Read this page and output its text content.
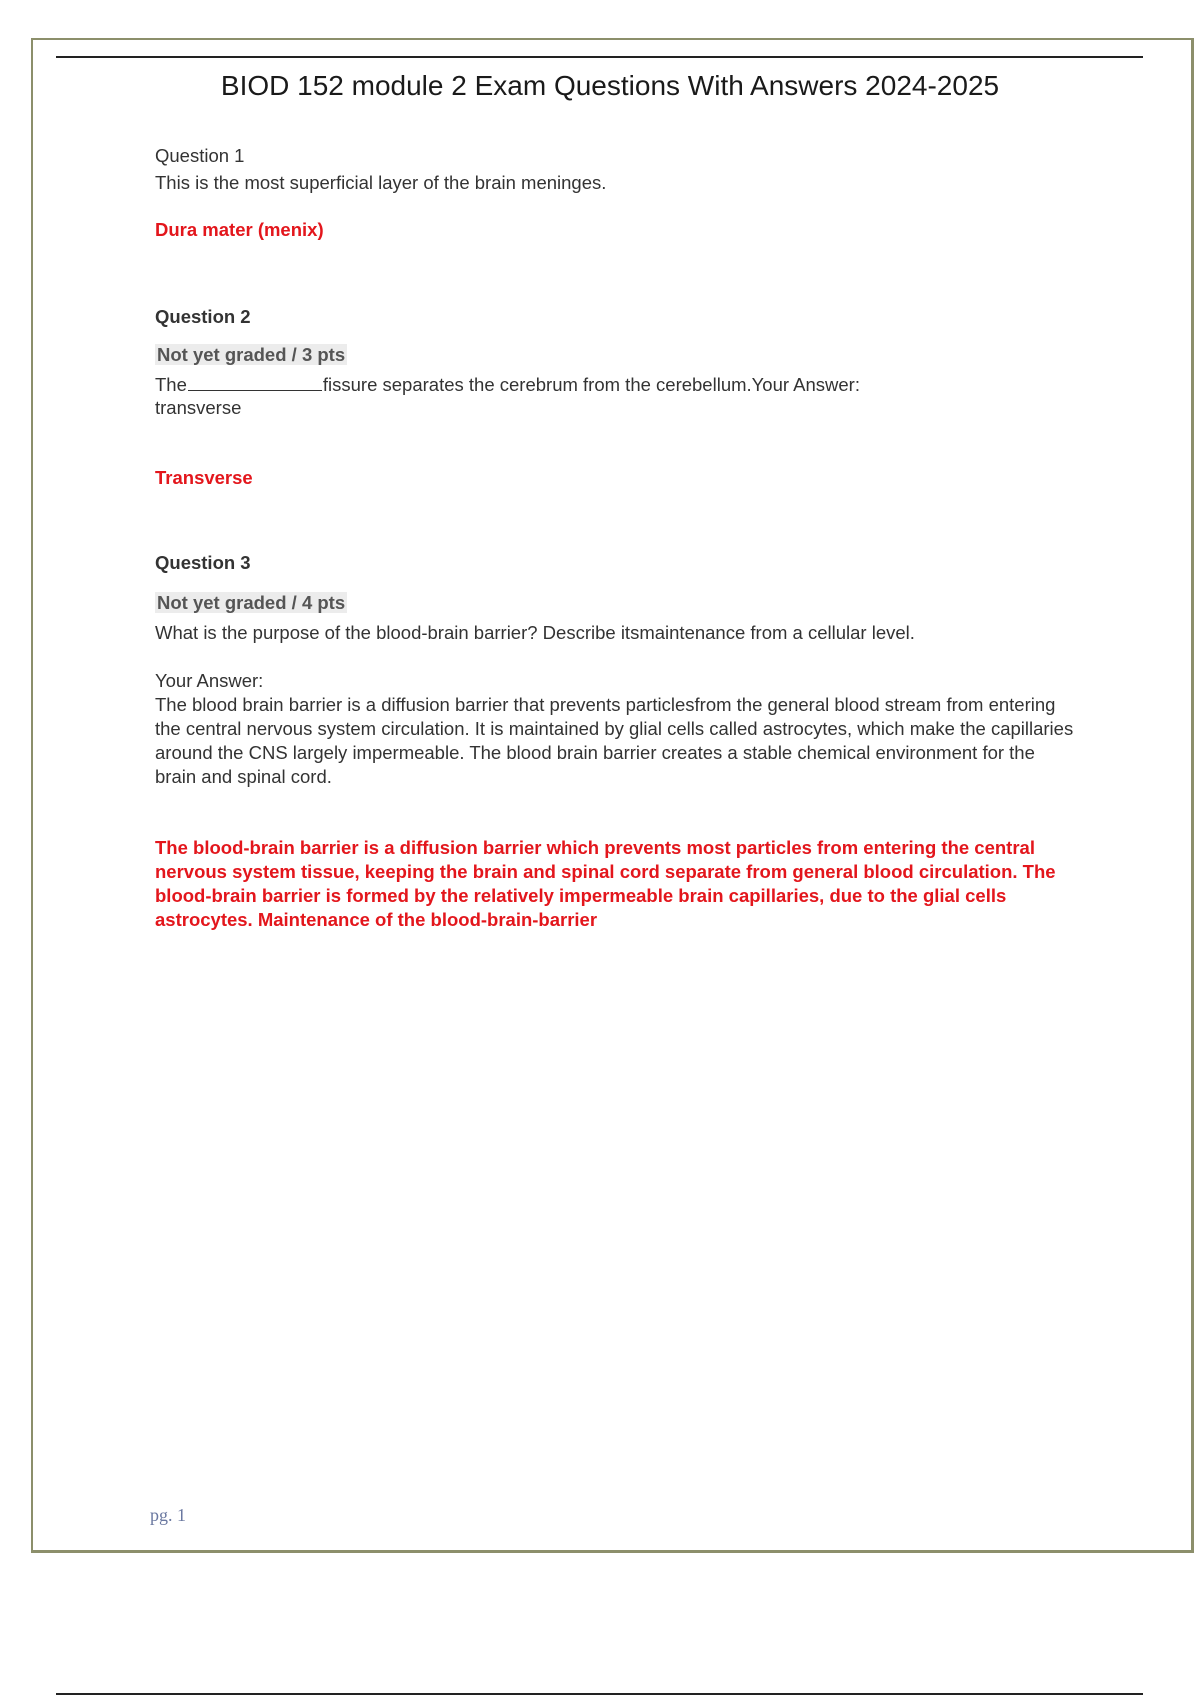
BIOD 152 module 2 Exam Questions With Answers 2024-2025
Question 1
This is the most superficial layer of the brain meninges.
Dura mater (menix)
Question 2
Not yet graded / 3 pts
The	fissure separates the cerebrum from the cerebellum.Your Answer:
transverse
Transverse
Question 3
Not yet graded / 4 pts
What is the purpose of the blood-brain barrier? Describe itsmaintenance from a cellular level.
Your Answer:
The blood brain barrier is a diffusion barrier that prevents particlesfrom the general blood stream from entering the central nervous system circulation. It is maintained by glial cells called astrocytes, which make the capillaries around the CNS largely impermeable. The blood brain barrier creates a stable chemical environment for the brain and spinal cord.
The blood-brain barrier is a diffusion barrier which prevents most particles from entering the central nervous system tissue, keeping the brain and spinal cord separate from general blood circulation. The blood-brain barrier is formed by the relatively impermeable brain capillaries, due to the glial cells astrocytes. Maintenance of the blood-brain-barrier
pg. 1
